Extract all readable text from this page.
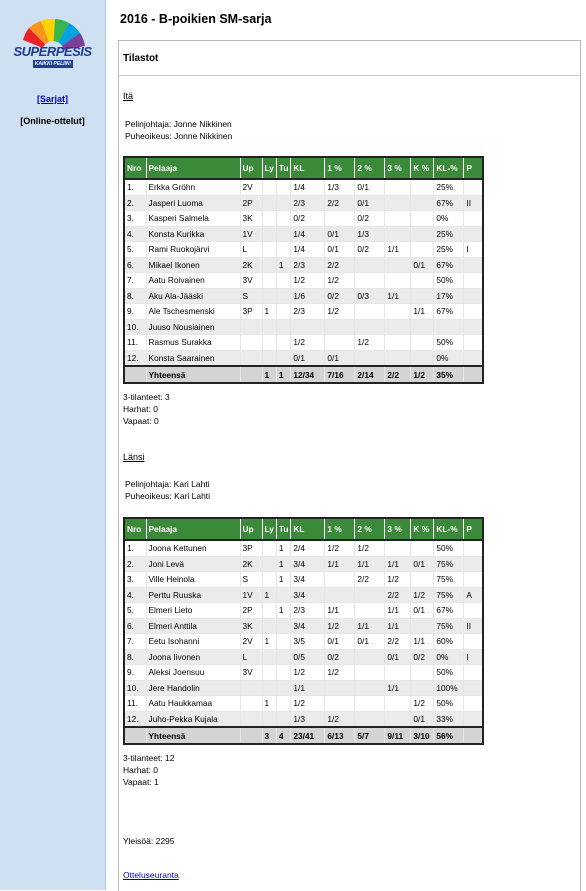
SUPERPESIS
KAIKKI PELIIN!
[Sarjat]
[Online-ottelut]
2016 - B-poikien SM-sarja
Tilastot
Itä
Pelinjohtaja: Jonne Nikkinen
Puheoikeus: Jonne Nikkinen
Nro	Pelaaja	Up	Ly	Tu	KL	1 %	2 %	3 %	K %	KL-%	P
1.	Erkka Gröhn	2V			1/4	1/3	0/1			25%	
2.	Jasperi Luoma	2P			2/3	2/2	0/1			67%	II
3.	Kasperi Salmela	3K			0/2		0/2			0%	
4.	Konsta Kurikka	1V			1/4	0/1	1/3			25%	
5.	Rami Ruokojärvi	L			1/4	0/1	0/2	1/1		25%	I
6.	Mikael Ikonen	2K		1	2/3	2/2			0/1	67%	
7.	Aatu Roivainen	3V			1/2	1/2				50%	
8.	Aku Ala-Jääski	S			1/6	0/2	0/3	1/1		17%	
9.	Ale Tschesmenski	3P	1		2/3	1/2			1/1	67%	
10.	Juuso Nousiainen										
11.	Rasmus Surakka				1/2		1/2			50%	
12.	Konsta Saarainen				0/1	0/1				0%	
	Yhteensä		1	1	12/34	7/16	2/14	2/2	1/2	35%	
3-tilanteet: 3
Harhat: 0
Vapaat: 0
Länsi
Pelinjohtaja: Kari Lahti
Puheoikeus: Kari Lahti
Nro	Pelaaja	Up	Ly	Tu	KL	1 %	2 %	3 %	K %	KL-%	P
1.	Joona Kettunen	3P		1	2/4	1/2	1/2			50%	
2.	Joni Levä	2K		1	3/4	1/1	1/1	1/1	0/1	75%	
3.	Ville Heinola	S		1	3/4		2/2	1/2		75%	
4.	Perttu Ruuska	1V	1		3/4			2/2	1/2	75%	A
5.	Elmeri Lieto	2P		1	2/3	1/1		1/1	0/1	67%	
6.	Elmeri Anttila	3K			3/4	1/2	1/1	1/1		75%	II
7.	Eetu Isohanni	2V	1		3/5	0/1	0/1	2/2	1/1	60%	
8.	Joona Iivonen	L			0/5	0/2		0/1	0/2	0%	I
9.	Aleksi Joensuu	3V			1/2	1/2				50%	
10.	Jere Handolin				1/1			1/1		100%	
11.	Aatu Haukkamaa		1		1/2				1/2	50%	
12.	Juho-Pekka Kujala				1/3	1/2			0/1	33%	
	Yhteensä		3	4	23/41	6/13	5/7	9/11	3/10	56%	
3-tilanteet: 12
Harhat: 0
Vapaat: 1
Yleisöä: 2295
Otteluseuranta
